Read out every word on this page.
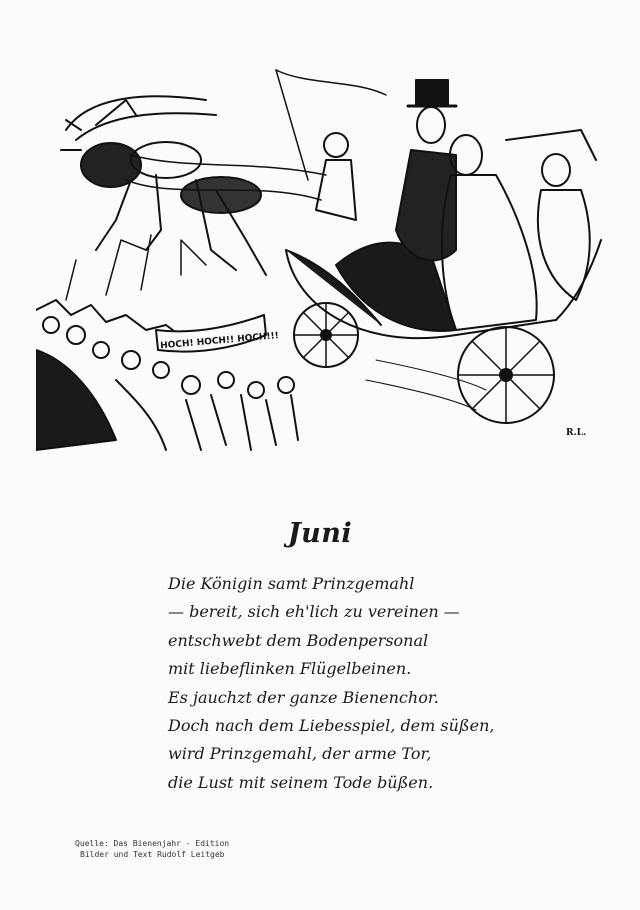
HOCH! HOCH!! HOCH!!!
R.L.
Juni
Die Königin samt Prinzgemahl
— bereit, sich eh'lich zu vereinen —
entschwebt dem Bodenpersonal
mit liebeflinken Flügelbeinen.
Es jauchzt der ganze Bienenchor.
Doch nach dem Liebesspiel, dem süßen,
wird Prinzgemahl, der arme Tor,
die Lust mit seinem Tode büßen.
Quelle: Das Bienenjahr - Edition
Bilder und Text Rudolf Leitgeb
